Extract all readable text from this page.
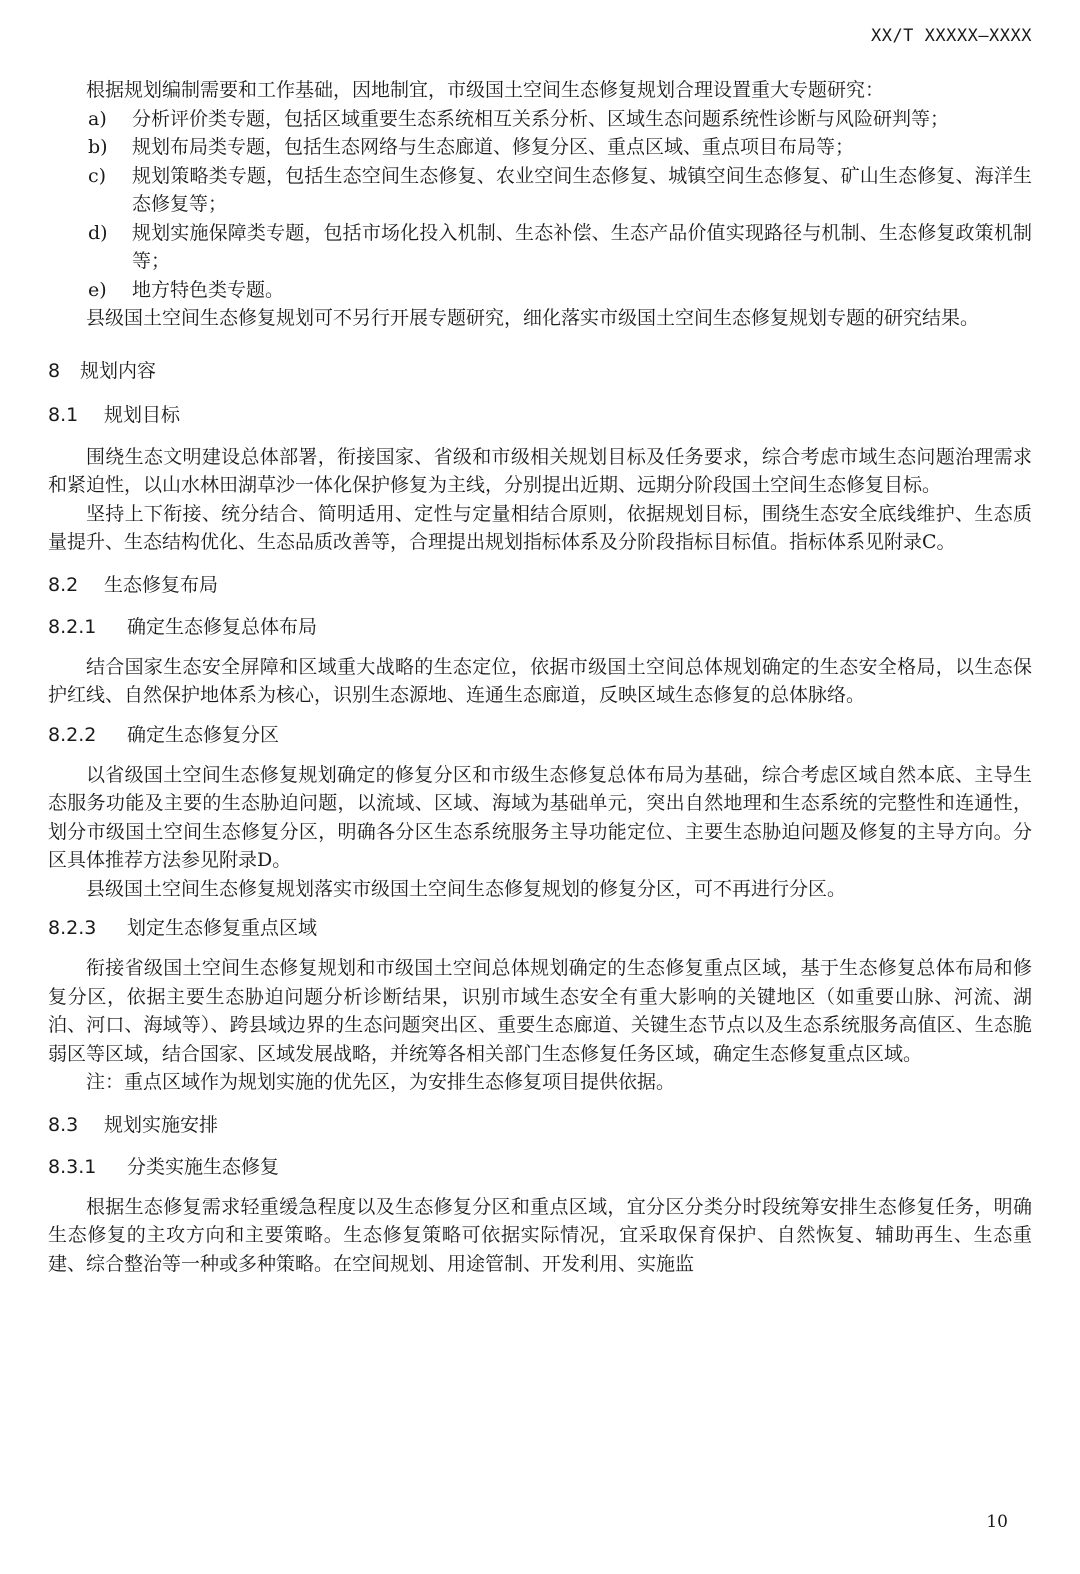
XX/T XXXXX—XXXX

根据规划编制需要和工作基础，因地制宜，市级国土空间生态修复规划合理设置重大专题研究：

a)	分析评价类专题，包括区域重要生态系统相互关系分析、区域生态问题系统性诊断与风险研判等；
b)	规划布局类专题，包括生态网络与生态廊道、修复分区、重点区域、重点项目布局等；
c)	规划策略类专题，包括生态空间生态修复、农业空间生态修复、城镇空间生态修复、矿山生态修复、海洋生态修复等；
d)	规划实施保障类专题，包括市场化投入机制、生态补偿、生态产品价值实现路径与机制、生态修复政策机制等；
e)	地方特色类专题。

县级国土空间生态修复规划可不另行开展专题研究，细化落实市级国土空间生态修复规划专题的研究结果。

8	规划内容
8.1	规划目标

围绕生态文明建设总体部署，衔接国家、省级和市级相关规划目标及任务要求，综合考虑市域生态问题治理需求和紧迫性，以山水林田湖草沙一体化保护修复为主线，分别提出近期、远期分阶段国土空间生态修复目标。

坚持上下衔接、统分结合、简明适用、定性与定量相结合原则，依据规划目标，围绕生态安全底线维护、生态质量提升、生态结构优化、生态品质改善等，合理提出规划指标体系及分阶段指标目标值。指标体系见附录C。

8.2	生态修复布局
8.2.1	确定生态修复总体布局

结合国家生态安全屏障和区域重大战略的生态定位，依据市级国土空间总体规划确定的生态安全格局，以生态保护红线、自然保护地体系为核心，识别生态源地、连通生态廊道，反映区域生态修复的总体脉络。

8.2.2	确定生态修复分区

以省级国土空间生态修复规划确定的修复分区和市级生态修复总体布局为基础，综合考虑区域自然本底、主导生态服务功能及主要的生态胁迫问题，以流域、区域、海域为基础单元，突出自然地理和生态系统的完整性和连通性，划分市级国土空间生态修复分区，明确各分区生态系统服务主导功能定位、主要生态胁迫问题及修复的主导方向。分区具体推荐方法参见附录D。

县级国土空间生态修复规划落实市级国土空间生态修复规划的修复分区，可不再进行分区。

8.2.3	划定生态修复重点区域

衔接省级国土空间生态修复规划和市级国土空间总体规划确定的生态修复重点区域，基于生态修复总体布局和修复分区，依据主要生态胁迫问题分析诊断结果，识别市域生态安全有重大影响的关键地区（如重要山脉、河流、湖泊、河口、海域等）、跨县域边界的生态问题突出区、重要生态廊道、关键生态节点以及生态系统服务高值区、生态脆弱区等区域，结合国家、区域发展战略，并统筹各相关部门生态修复任务区域，确定生态修复重点区域。

注：重点区域作为规划实施的优先区，为安排生态修复项目提供依据。

8.3	规划实施安排
8.3.1	分类实施生态修复

根据生态修复需求轻重缓急程度以及生态修复分区和重点区域，宜分区分类分时段统筹安排生态修复任务，明确生态修复的主攻方向和主要策略。生态修复策略可依据实际情况，宜采取保育保护、自然恢复、辅助再生、生态重建、综合整治等一种或多种策略。在空间规划、用途管制、开发利用、实施监

10
